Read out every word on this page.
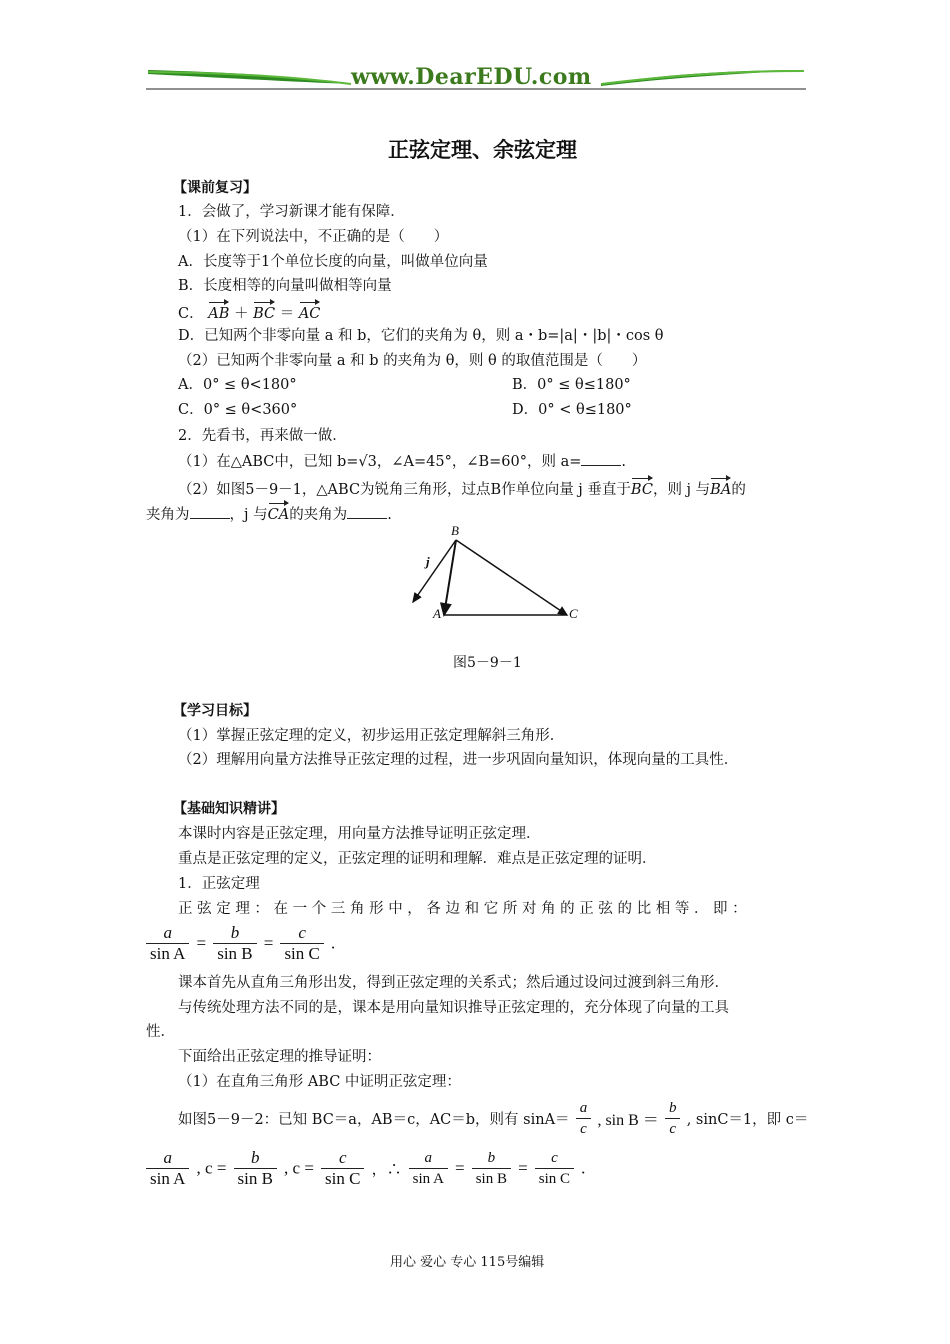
www.DearEDU.com
正弦定理、余弦定理
【课前复习】
1．会做了，学习新课才能有保障．
（1）在下列说法中，不正确的是（　　）
A．长度等于1个单位长度的向量，叫做单位向量
B．长度相等的向量叫做相等向量
C． AB ＋ BC ＝ AC
D．已知两个非零向量 a 和 b，它们的夹角为 θ，则 a・b=|a|・|b|・cos θ
（2）已知两个非零向量 a 和 b 的夹角为 θ，则 θ 的取值范围是（　　）
A．0° ≤ θ<180°	B．0° ≤ θ≤180°
C．0° ≤ θ<360°	D．0° < θ≤180°
2．先看书，再来做一做．
（1）在△ABC中，已知 b=√3，∠A=45°，∠B=60°，则 a=	.
（2）如图5－9－1，△ABC为锐角三角形，过点B作单位向量 j 垂直于BC，则 j 与BA的
夹角为	，j 与CA的夹角为	.
B
A	C
j
图5－9－1
【学习目标】
（1）掌握正弦定理的定义，初步运用正弦定理解斜三角形．
（2）理解用向量方法推导正弦定理的过程，进一步巩固向量知识，体现向量的工具性．
【基础知识精讲】
本课时内容是正弦定理，用向量方法推导证明正弦定理．
重点是正弦定理的定义，正弦定理的证明和理解．难点是正弦定理的证明．
1．正弦定理
正 弦 定 理 ： 在 一 个 三 角 形 中 ， 各 边 和 它 所 对 角 的 正 弦 的 比 相 等 ． 即 ：
$\frac{a}{\text{sin A}} = \frac{b}{\text{sin B}} = \frac{c}{\text{sin C}}$ .
课本首先从直角三角形出发，得到正弦定理的关系式；然后通过设问过渡到斜三角形．
与传统处理方法不同的是，课本是用向量知识推导正弦定理的，充分体现了向量的工具
性．
下面给出正弦定理的推导证明：
（1）在直角三角形 ABC 中证明正弦定理：
如图5－9－2：已知 BC＝a，AB＝c，AC＝b，则有 $\sin A= \frac{a}{c}$ , $\sin B = \frac{b}{c}$ , sinC＝1，即 c＝
$\frac{a}{\text{sin A}}$ , $c = \frac{b}{\text{sin B}}$ , $c = \frac{c}{\text{sin C}}$ ，∴ $\frac{a}{\text{sin A}} = \frac{b}{\text{sin B}} = \frac{c}{\text{sin C}}$ .
用心 爱心 专心 115号编辑
